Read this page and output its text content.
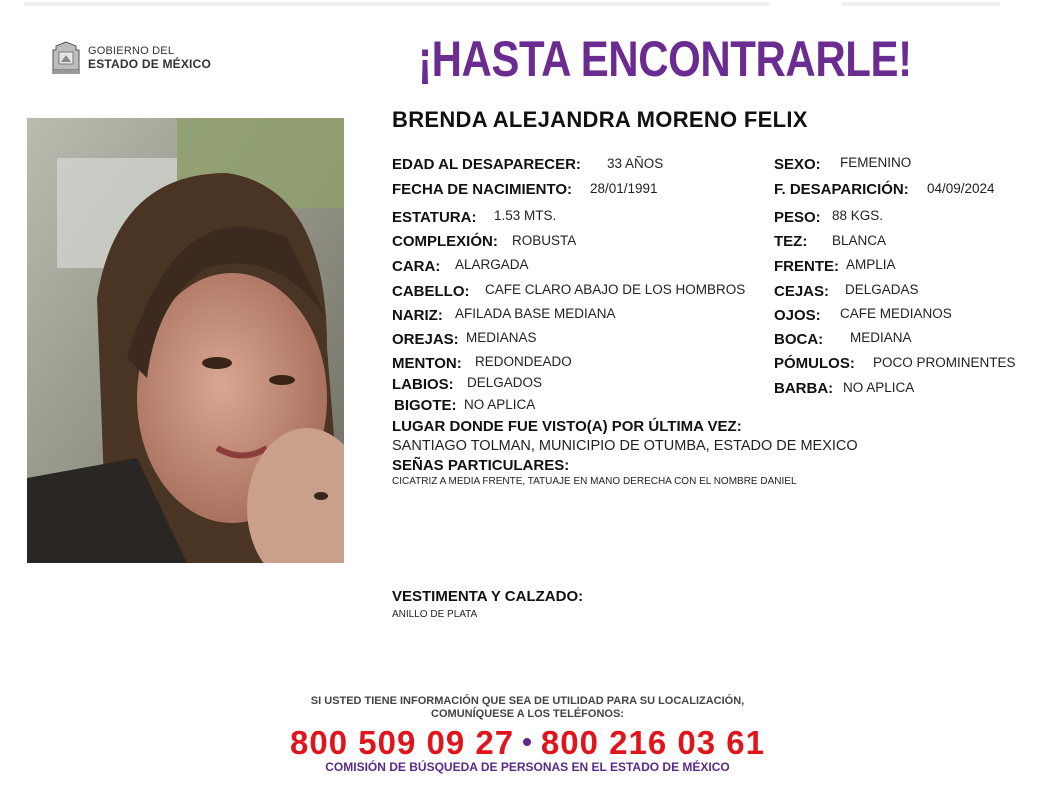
GOBIERNO DEL
ESTADO DE MÉXICO	¡HASTA ENCONTRARLE!
BRENDA ALEJANDRA MORENO FELIX
EDAD AL DESAPARECER: 33 AÑOS
FECHA DE NACIMIENTO: 28/01/1991
ESTATURA: 1.53 MTS.
COMPLEXIÓN: ROBUSTA
CARA: ALARGADA
CABELLO: CAFE CLARO ABAJO DE LOS HOMBROS
NARIZ: AFILADA BASE MEDIANA
OREJAS: MEDIANAS
MENTON: REDONDEADO
LABIOS: DELGADOS
BIGOTE: NO APLICA
SEXO: FEMENINO
F. DESAPARICIÓN: 04/09/2024
PESO: 88 KGS.
TEZ: BLANCA
FRENTE: AMPLIA
CEJAS: DELGADAS
OJOS: CAFE MEDIANOS
BOCA: MEDIANA
PÓMULOS: POCO PROMINENTES
BARBA: NO APLICA
LUGAR DONDE FUE VISTO(A) POR ÚLTIMA VEZ:
SANTIAGO TOLMAN, MUNICIPIO DE OTUMBA, ESTADO DE MEXICO
SEÑAS PARTICULARES:
CICATRIZ A MEDIA FRENTE, TATUAJE EN MANO DERECHA CON EL NOMBRE DANIEL
VESTIMENTA Y CALZADO:
ANILLO DE PLATA
SI USTED TIENE INFORMACIÓN QUE SEA DE UTILIDAD PARA SU LOCALIZACIÓN,
COMUNÍQUESE A LOS TELÉFONOS:
800 509 09 27 • 800 216 03 61
COMISIÓN DE BÚSQUEDA DE PERSONAS EN EL ESTADO DE MÉXICO
